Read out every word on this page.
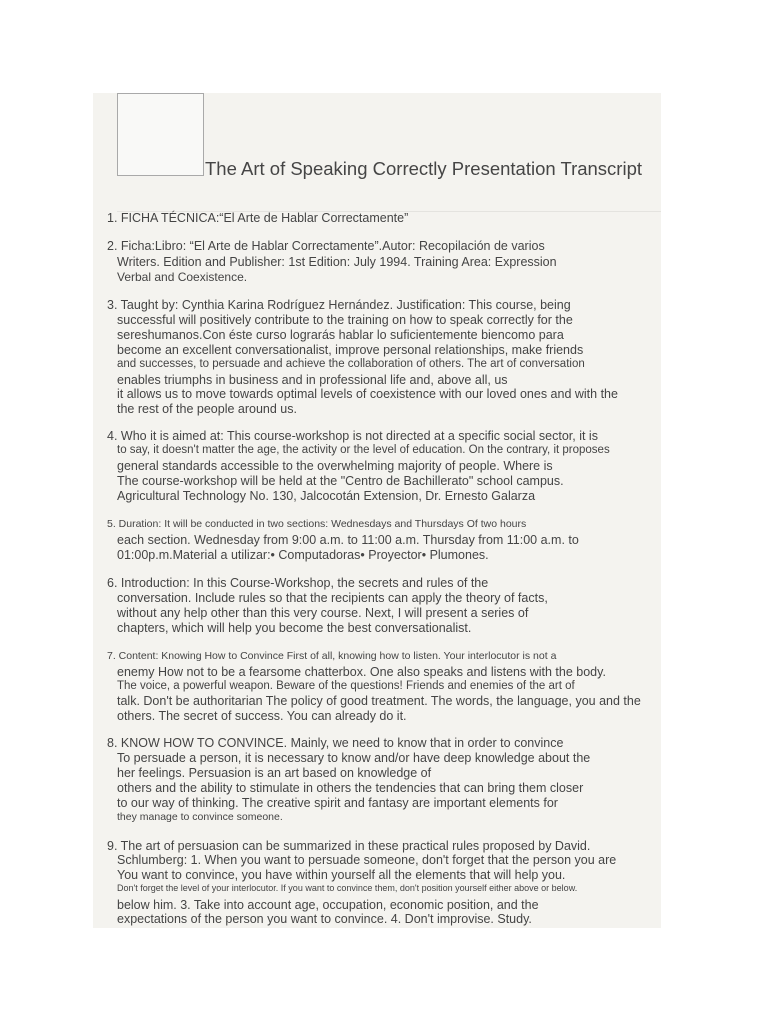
The Art of Speaking Correctly Presentation Transcript
1. FICHA TÉCNICA:“El Arte de Hablar Correctamente”
2. Ficha:Libro: “El Arte de Hablar Correctamente”.Autor: Recopilación de varios
Writers. Edition and Publisher: 1st Edition: July 1994. Training Area: Expression
Verbal and Coexistence.
3. Taught by: Cynthia Karina Rodríguez Hernández. Justification: This course, being
successful will positively contribute to the training on how to speak correctly for the
sereshumanos.Con éste curso lograrás hablar lo suficientemente biencomo para
become an excellent conversationalist, improve personal relationships, make friends
and successes, to persuade and achieve the collaboration of others. The art of conversation
enables triumphs in business and in professional life and, above all, us
it allows us to move towards optimal levels of coexistence with our loved ones and with the
the rest of the people around us.
4. Who it is aimed at: This course-workshop is not directed at a specific social sector, it is
to say, it doesn't matter the age, the activity or the level of education. On the contrary, it proposes
general standards accessible to the overwhelming majority of people. Where is
The course-workshop will be held at the "Centro de Bachillerato" school campus.
Agricultural Technology No. 130, Jalcocotán Extension, Dr. Ernesto Galarza
5. Duration: It will be conducted in two sections: Wednesdays and Thursdays Of two hours
each section. Wednesday from 9:00 a.m. to 11:00 a.m. Thursday from 11:00 a.m. to
01:00p.m.Material a utilizar:• Computadoras• Proyector• Plumones.
6. Introduction: In this Course-Workshop, the secrets and rules of the
conversation. Include rules so that the recipients can apply the theory of facts,
without any help other than this very course. Next, I will present a series of
chapters, which will help you become the best conversationalist.
7. Content: Knowing How to Convince First of all, knowing how to listen. Your interlocutor is not a
enemy How not to be a fearsome chatterbox. One also speaks and listens with the body.
The voice, a powerful weapon. Beware of the questions! Friends and enemies of the art of
talk. Don't be authoritarian The policy of good treatment. The words, the language, you and the
others. The secret of success. You can already do it.
8. KNOW HOW TO CONVINCE. Mainly, we need to know that in order to convince
To persuade a person, it is necessary to know and/or have deep knowledge about the
her feelings. Persuasion is an art based on knowledge of
others and the ability to stimulate in others the tendencies that can bring them closer
to our way of thinking. The creative spirit and fantasy are important elements for
they manage to convince someone.
9. The art of persuasion can be summarized in these practical rules proposed by David.
Schlumberg: 1. When you want to persuade someone, don't forget that the person you are
You want to convince, you have within yourself all the elements that will help you.
Don't forget the level of your interlocutor. If you want to convince them, don't position yourself either above or below.
below him. 3. Take into account age, occupation, economic position, and the
expectations of the person you want to convince. 4. Don't improvise. Study.
